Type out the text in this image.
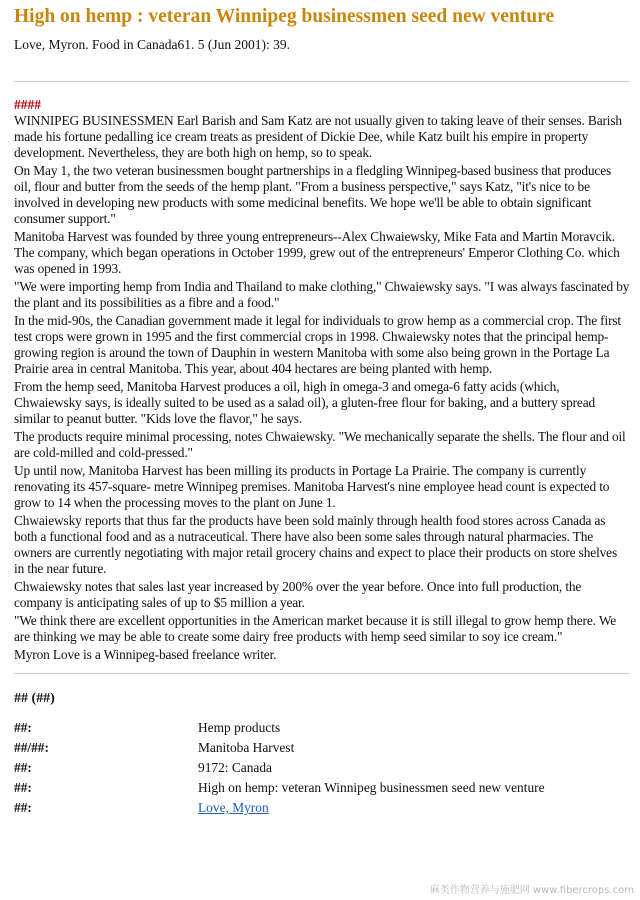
High on hemp : veteran Winnipeg businessmen seed new venture
Love, Myron. Food in Canada61. 5 (Jun 2001): 39.
####

WINNIPEG BUSINESSMEN Earl Barish and Sam Katz are not usually given to taking leave of their senses. Barish made his fortune pedalling ice cream treats as president of Dickie Dee, while Katz built his empire in property development. Nevertheless, they are both high on hemp, so to speak.

On May 1, the two veteran businessmen bought partnerships in a fledgling Winnipeg-based business that produces oil, flour and butter from the seeds of the hemp plant. "From a business perspective," says Katz, "it's nice to be involved in developing new products with some medicinal benefits. We hope we'll be able to obtain significant consumer support."

Manitoba Harvest was founded by three young entrepreneurs--Alex Chwaiewsky, Mike Fata and Martin Moravcik. The company, which began operations in October 1999, grew out of the entrepreneurs' Emperor Clothing Co. which was opened in 1993.

"We were importing hemp from India and Thailand to make clothing," Chwaiewsky says. "I was always fascinated by the plant and its possibilities as a fibre and a food."

In the mid-90s, the Canadian government made it legal for individuals to grow hemp as a commercial crop. The first test crops were grown in 1995 and the first commercial crops in 1998. Chwaiewsky notes that the principal hemp-growing region is around the town of Dauphin in western Manitoba with some also being grown in the Portage La Prairie area in central Manitoba. This year, about 404 hectares are being planted with hemp.

From the hemp seed, Manitoba Harvest produces a oil, high in omega-3 and omega-6 fatty acids (which, Chwaiewsky says, is ideally suited to be used as a salad oil), a gluten-free flour for baking, and a buttery spread similar to peanut butter. "Kids love the flavor," he says.

The products require minimal processing, notes Chwaiewsky. "We mechanically separate the shells. The flour and oil are cold-milled and cold-pressed."

Up until now, Manitoba Harvest has been milling its products in Portage La Prairie. The company is currently renovating its 457-square- metre Winnipeg premises. Manitoba Harvest's nine employee head count is expected to grow to 14 when the processing moves to the plant on June 1.

Chwaiewsky reports that thus far the products have been sold mainly through health food stores across Canada as both a functional food and as a nutraceutical. There have also been some sales through natural pharmacies. The owners are currently negotiating with major retail grocery chains and expect to place their products on store shelves in the near future.

Chwaiewsky notes that sales last year increased by 200% over the year before. Once into full production, the company is anticipating sales of up to $5 million a year.

"We think there are excellent opportunities in the American market because it is still illegal to grow hemp there. We are thinking we may be able to create some dairy free products with hemp seed similar to soy ice cream."

Myron Love is a Winnipeg-based freelance writer.

## (##)
##:	Hemp products
##/##:	Manitoba Harvest
##:	9172: Canada
##:	High on hemp: veteran Winnipeg businessmen seed new venture
##:	Love, Myron
麻类作物营养与施肥网 www.fibercrops.com
